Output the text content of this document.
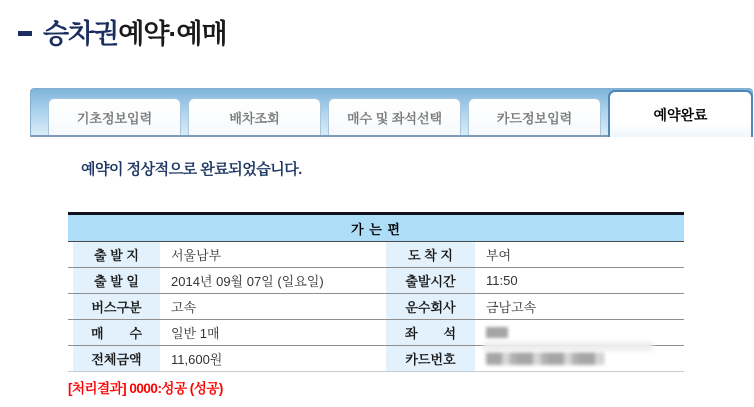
승차권 예약·예매
기초정보입력	배차조회	매수 및 좌석선택	카드정보입력	예약완료
예약이 정상적으로 완료되었습니다.
가 는 편
출 발 지	서울남부	도 착 지	부여
출 발 일	2014년 09월 07일 (일요일)	출발시간	11:50
버스구분	고속	운수회사	금남고속
매　　수	일반 1매	좌　　석
전체금액	11,600원	카드번호
[처리결과] 0000:성공 (성공)
